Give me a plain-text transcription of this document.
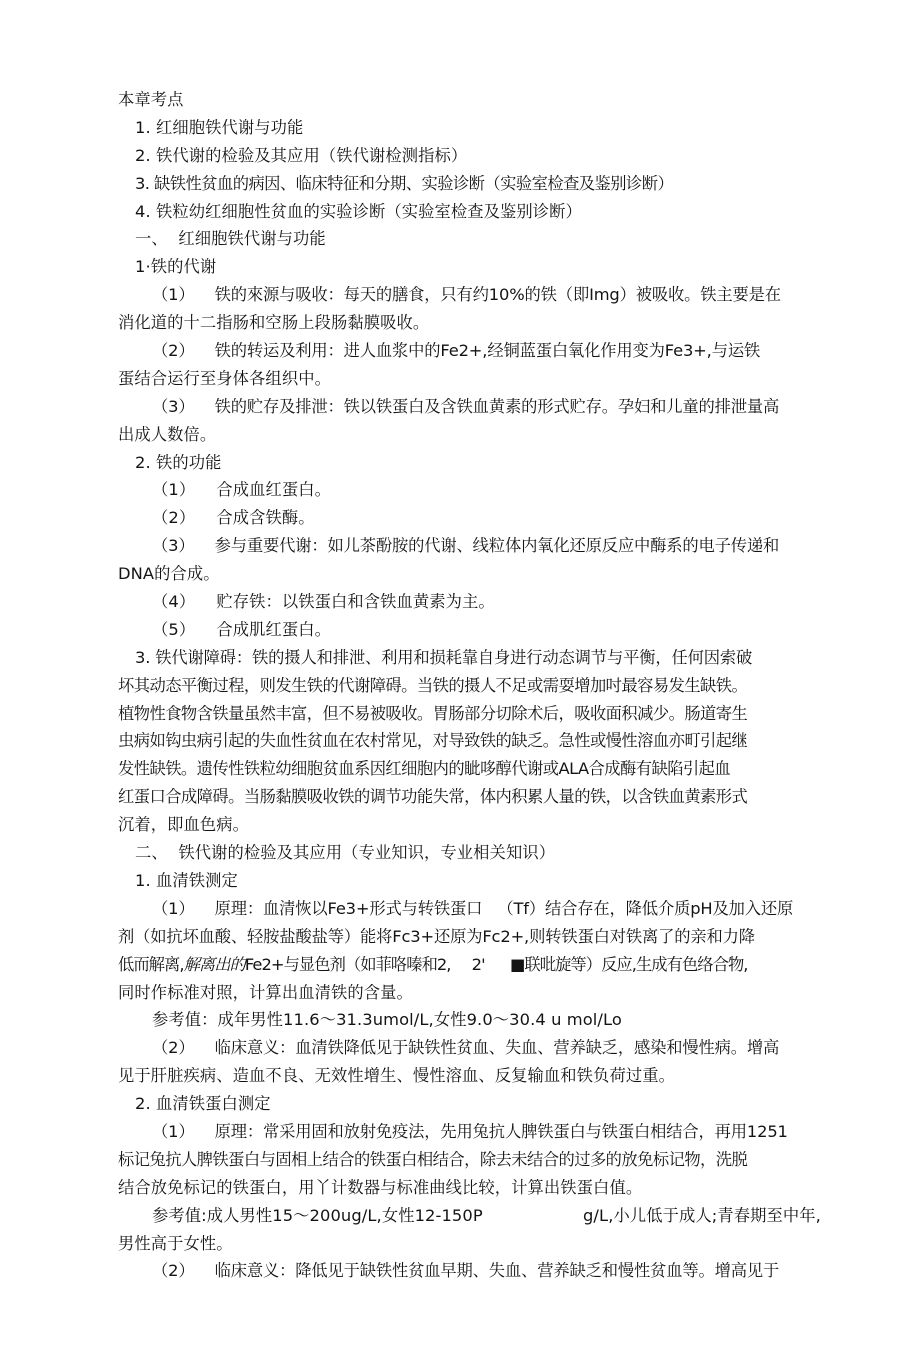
本章考点
1. 红细胞铁代谢与功能
2. 铁代谢的检验及其应用（铁代谢检测指标）
3. 缺铁性贫血的病因、临床特征和分期、实验诊断（实验室检查及鉴别诊断）
4. 铁粒幼红细胞性贫血的实验诊断（实验室检查及鉴别诊断）
一、  红细胞铁代谢与功能
1·铁的代谢
（1）    铁的來源与吸收：每天的膳食，只有约10%的铁（即Img）被吸收。铁主要是在
消化道的十二指肠和空肠上段肠黏膜吸收。
（2）    铁的转运及利用：进人血浆中的Fe2+,经铜蓝蛋白氧化作用变为Fe3+,与运铁
蛋结合运行至身体各组织中。
（3）    铁的贮存及排泄：铁以铁蛋白及含铁血黄素的形式贮存。孕妇和儿童的排泄量高
出成人数倍。
2. 铁的功能
（1）    合成血红蛋白。
（2）    合成含铁酶。
（3）    参与重要代谢：如儿茶酚胺的代谢、线粒体内氧化还原反应中酶系的电子传递和
DNA的合成。
（4）    贮存铁：以铁蛋白和含铁血黄素为主。
（5）    合成肌红蛋白。
3. 铁代谢障碍：铁的摄人和排泄、利用和损耗靠自身进行动态调节与平衡，任何因索破
坏其动态平衡过程，则发生铁的代谢障碍。当铁的摄人不足或需耍增加吋最容易发生缺铁。
植物性食物含铁量虽然丰富，但不易被吸收。胃肠部分切除术后，吸收面积减少。肠道寄生
虫病如钩虫病引起的失血性贫血在农村常见，对导致铁的缺乏。急性或慢性溶血亦町引起继
发性缺铁。遗传性铁粒幼细胞贫血系因红细胞内的眦哆醇代谢或ALA合成酶有缺陷引起血
红蛋口合成障碍。当肠黏膜吸收铁的调节功能失常，体内积累人量的铁，以含铁血黄素形式
沉着，即血色病。
二、  铁代谢的检验及其应用（专业知识，专业相关知识）
1. 血清铁测定
（1）    原理：血清恢以Fe3+形式与转铁蛋口   （Tf）结合存在，降低介质pH及加入还原
剂（如抗坏血酸、轻胺盐酸盐等）能将Fc3+还原为Fc2+,则转铁蛋白对铁离了的亲和力降
低而解离,解离出的Fe2+与显色剂（如菲咯嗪和2, 2' ■联吡旋等）反应,生成有色络合物,
同时作标准对照，计算出血清铁的含量。
参考值：成年男性11.6～31.3umol/L,女性9.0～30.4 u mol/Lo
（2）    临床意义：血清铁降低见于缺铁性贫血、失血、营养缺乏，感染和慢性病。增高
见于肝脏疾病、造血不良、无效性增生、慢性溶血、反复输血和铁负荷过重。
2. 血清铁蛋白测定
（1）    原理：常采用固和放射免疫法，先用兔抗人脾铁蛋白与铁蛋白相结合，再用1251
标记兔抗人脾铁蛋白与固相上结合的铁蛋白相结合，除去未结合的过多的放免标记物，洗脱
结合放免标记的铁蛋白，用丫计数器与标准曲线比较，计算出铁蛋白值。
参考值:成人男性15～200ug/L,女性12-150P	g/L,小儿低于成人;青春期至中年,
男性高于女性。
（2）    临床意义：降低见于缺铁性贫血早期、失血、营养缺乏和慢性贫血等。增高见于
